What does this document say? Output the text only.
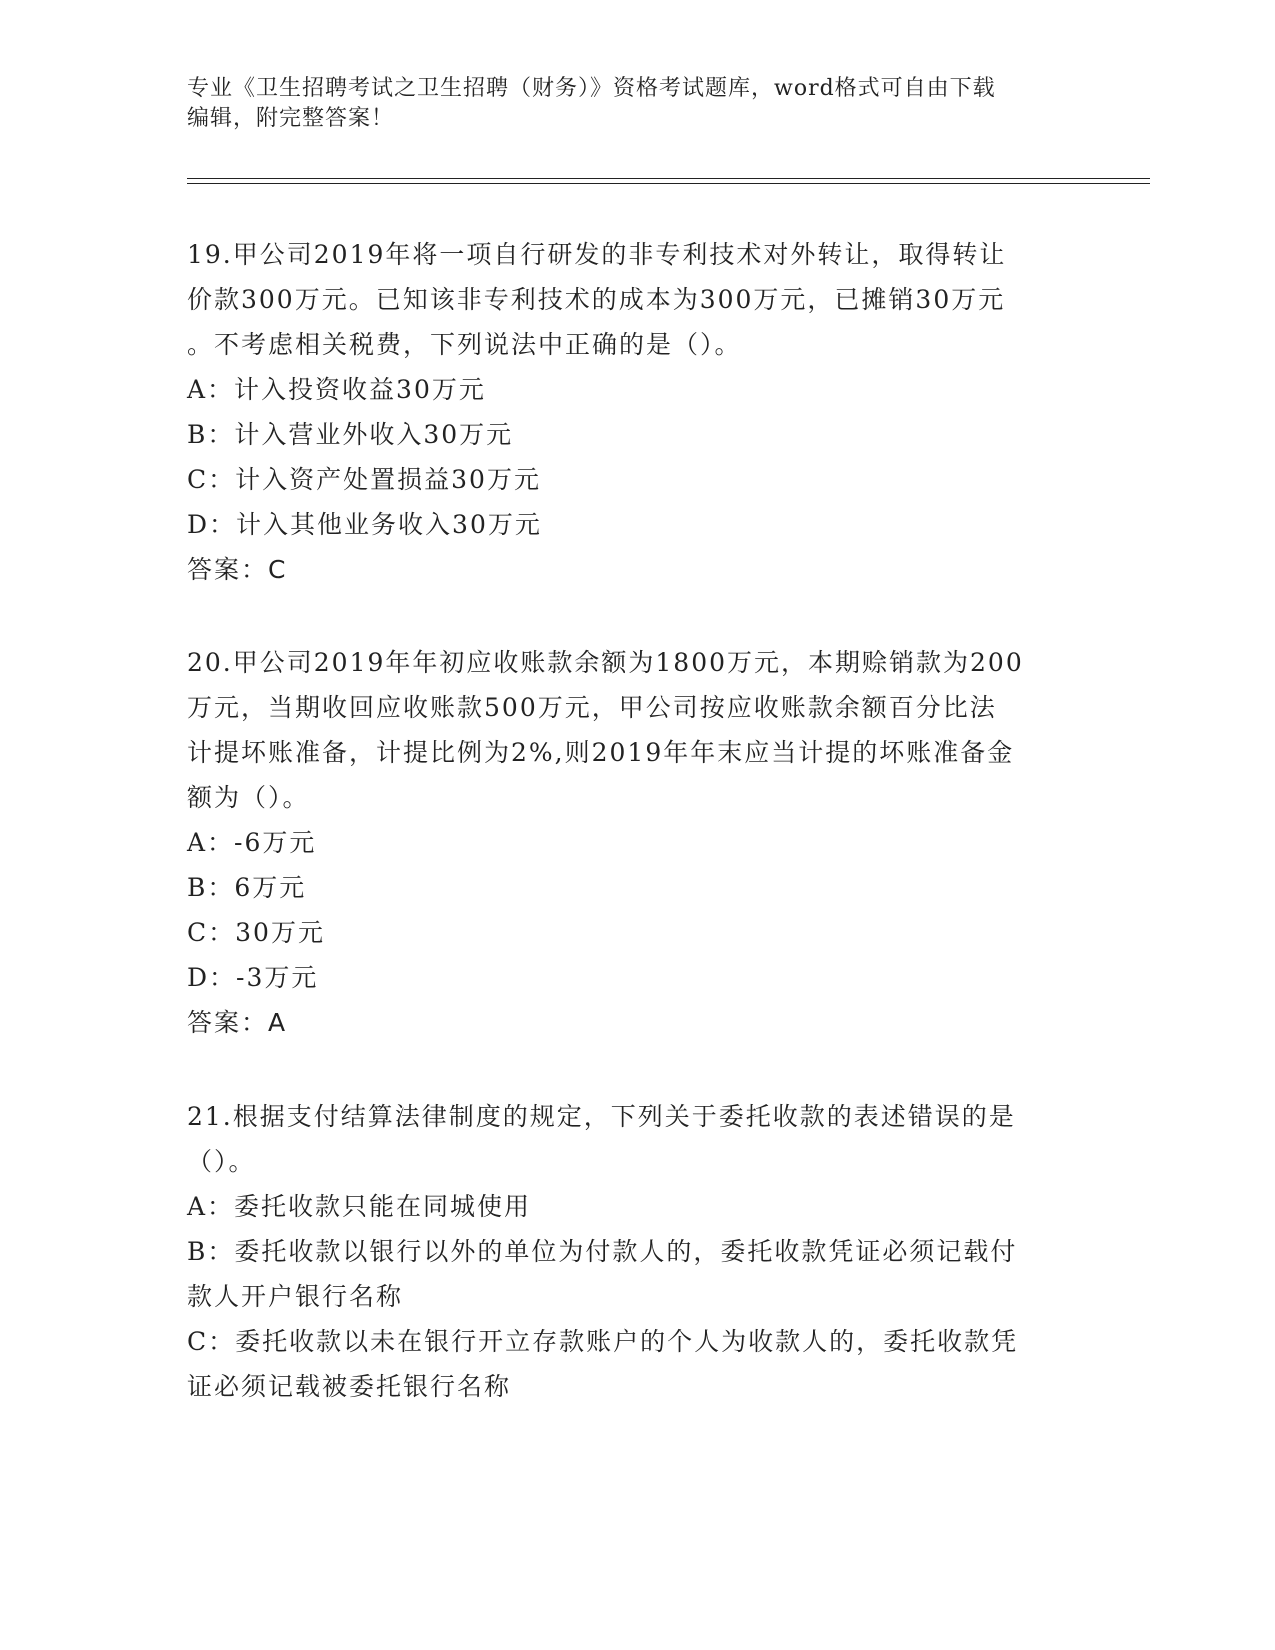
专业《卫生招聘考试之卫生招聘（财务）》资格考试题库，word格式可自由下载
编辑，附完整答案！
19.甲公司2019年将一项自行研发的非专利技术对外转让，取得转让
价款300万元。已知该非专利技术的成本为300万元，已摊销30万元
。不考虑相关税费，下列说法中正确的是（）。
A：计入投资收益30万元
B：计入营业外收入30万元
C：计入资产处置损益30万元
D：计入其他业务收入30万元
答案：C
20.甲公司2019年年初应收账款余额为1800万元，本期赊销款为200
万元，当期收回应收账款500万元，甲公司按应收账款余额百分比法
计提坏账准备，计提比例为2%,则2019年年末应当计提的坏账准备金
额为（）。
A：-6万元
B：6万元
C：30万元
D：-3万元
答案：A
21.根据支付结算法律制度的规定，下列关于委托收款的表述错误的是
（）。
A：委托收款只能在同城使用
B：委托收款以银行以外的单位为付款人的，委托收款凭证必须记载付
款人开户银行名称
C：委托收款以未在银行开立存款账户的个人为收款人的，委托收款凭
证必须记载被委托银行名称
